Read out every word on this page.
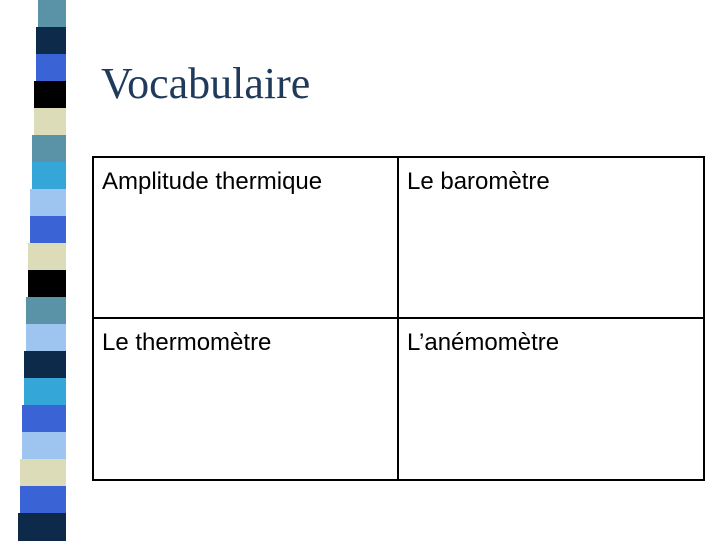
Vocabulaire
Amplitude thermique	Le baromètre
Le thermomètre	L’anémomètre
